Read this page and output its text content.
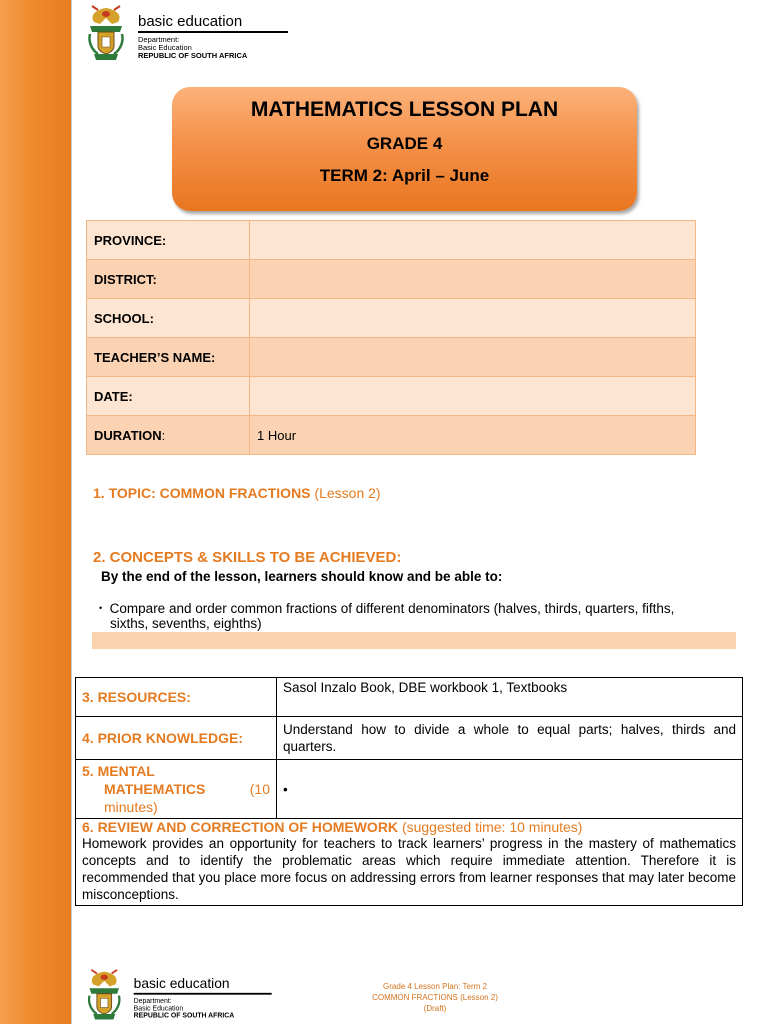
basic education
Department:
Basic Education
REPUBLIC OF SOUTH AFRICA
MATHEMATICS LESSON PLAN
GRADE 4
TERM 2: April – June
PROVINCE:	
DISTRICT:	
SCHOOL:	
TEACHER’S NAME:	
DATE:	
DURATION:	1 Hour
1. TOPIC: COMMON FRACTIONS (Lesson 2)
2. CONCEPTS & SKILLS TO BE ACHIEVED:
By the end of the lesson, learners should know and be able to:
• Compare and order common fractions of different denominators (halves, thirds, quarters, fifths,
sixths, sevenths, eighths)
3. RESOURCES:	Sasol Inzalo Book, DBE workbook 1, Textbooks
4. PRIOR KNOWLEDGE:	Understand how to divide a whole to equal parts; halves, thirds and quarters.

5. MENTAL
MATHEMATICS (10
minutes)	•

6. REVIEW AND CORRECTION OF HOMEWORK (suggested time: 10 minutes)
Homework provides an opportunity for teachers to track learners’ progress in the mastery of mathematics concepts and to identify the problematic areas which require immediate attention. Therefore it is recommended that you place more focus on addressing errors from learner responses that may later become misconceptions.	
basic education
Department:
Basic Education
REPUBLIC OF SOUTH AFRICA
Grade 4 Lesson Plan: Term 2
COMMON FRACTIONS (Lesson 2)
(Draft)
